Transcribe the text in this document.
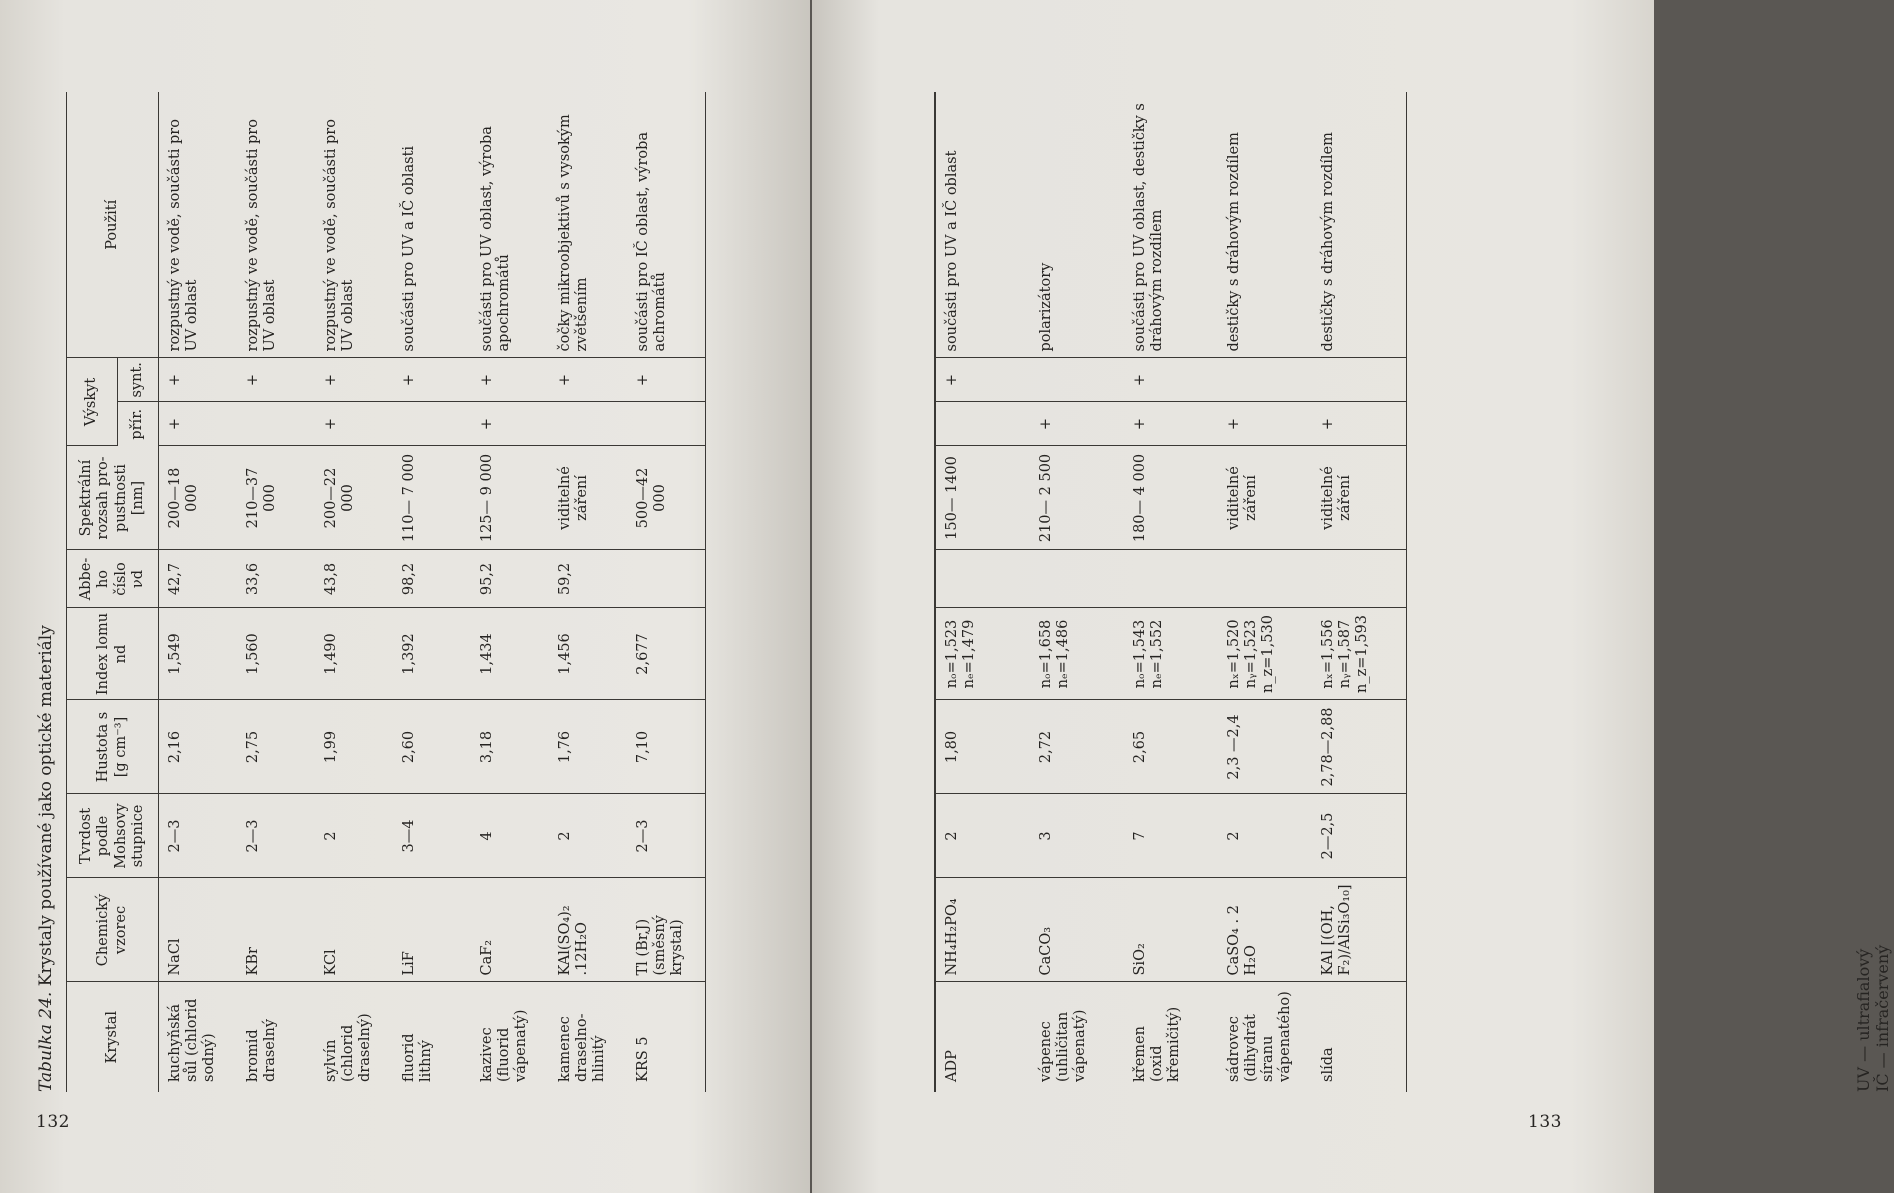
Tabulka 24. Krystaly používané jako optické materiály
Krystal	Chemický vzorec	Tvrdost podle Mohsovy stupnice	Hustota s [g cm⁻³]	Index lomu nd	Abbeho číslo νd	Spektrální rozsah propustnosti [nm]	Výskyt		Použití
							přír.	synt.	
kuchyňská sůl (chlorid sodný)	NaCl	2—3	2,16	1,549	42,7	200—18 000	+	+	rozpustný ve vodě, součásti pro UV oblast
bromid draselný	KBr	2—3	2,75	1,560	33,6	210—37 000		+	rozpustný ve vodě, součásti pro UV oblast
sylvín (chlorid draselný)	KCl	2	1,99	1,490	43,8	200—22 000	+	+	rozpustný ve vodě, součásti pro UV oblast
fluorid lithný	LiF	3—4	2,60	1,392	98,2	110— 7 000		+	součásti pro UV a IČ oblasti
kazivec (fluorid vápenatý)	CaF₂	4	3,18	1,434	95,2	125— 9 000	+	+	součásti pro UV oblast, výroba apochromátů
kamenec draselnohlinitý	KAl(SO₄)₂ .12H₂O	2	1,76	1,456	59,2	viditelné záření		+	čočky mikroobjektivů s vysokým zvětšením
KRS 5	Tl (Br,J) (směsný krystal)	2—3	7,10	2,677		500—42 000		+	součásti pro IČ oblast, výroba achromátů
132

ADP	NH₄H₂PO₄	2	1,80	nₒ=1,523
nₑ=1,479		150— 1400		+	součásti pro UV a IČ oblast
vápenec (uhličitan vápenatý)	CaCO₃	3	2,72	nₒ=1,658
nₑ=1,486		210— 2 500	+		polarizátory
křemen (oxid křemičitý)	SiO₂	7	2,65	nₒ=1,543
nₑ=1,552		180— 4 000	+	+	součásti pro UV oblast, destičky s dráhovým rozdílem
sádrovec (dihydrát síranu vápenatého)	CaSO₄ . 2 H₂O	2	2,3 —2,4	nₓ=1,520
nᵧ=1,523
n_z=1,530		viditelné záření	+		destičky s dráhovým rozdílem
slída	KAl [(OH, F₂)/AlSi₃O₁₀]	2—2,5	2,78—2,88	nₓ=1,556
nᵧ=1,587
n_z=1,593		viditelné záření	+		destičky s dráhovým rozdílem
UV — ultrafialový IČ — infračervený
133
